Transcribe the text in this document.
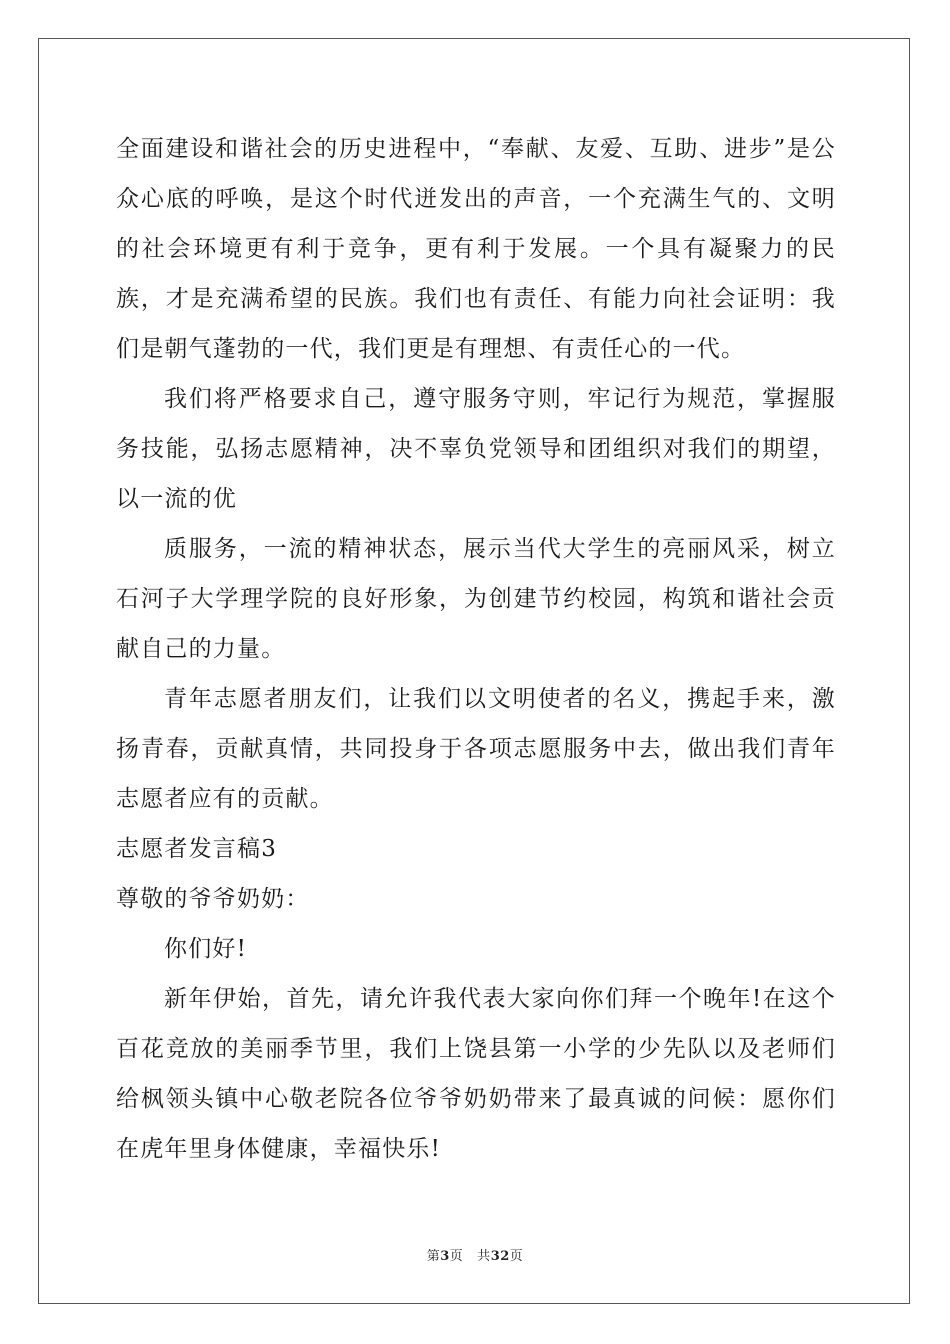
全面建设和谐社会的历史进程中，“奉献、友爱、互助、进步”是公众心底的呼唤，是这个时代迸发出的声音，一个充满生气的、文明的社会环境更有利于竞争，更有利于发展。一个具有凝聚力的民族，才是充满希望的民族。我们也有责任、有能力向社会证明：我们是朝气蓬勃的一代，我们更是有理想、有责任心的一代。

我们将严格要求自己，遵守服务守则，牢记行为规范，掌握服务技能，弘扬志愿精神，决不辜负党领导和团组织对我们的期望，以一流的优

质服务，一流的精神状态，展示当代大学生的亮丽风采，树立石河子大学理学院的良好形象，为创建节约校园，构筑和谐社会贡献自己的力量。

青年志愿者朋友们，让我们以文明使者的名义，携起手来，激扬青春，贡献真情，共同投身于各项志愿服务中去，做出我们青年志愿者应有的贡献。

志愿者发言稿3

尊敬的爷爷奶奶：

你们好!

新年伊始，首先，请允许我代表大家向你们拜一个晚年!在这个百花竞放的美丽季节里，我们上饶县第一小学的少先队以及老师们给枫领头镇中心敬老院各位爷爷奶奶带来了最真诚的问候：愿你们在虎年里身体健康，幸福快乐!

第3页 共32页
